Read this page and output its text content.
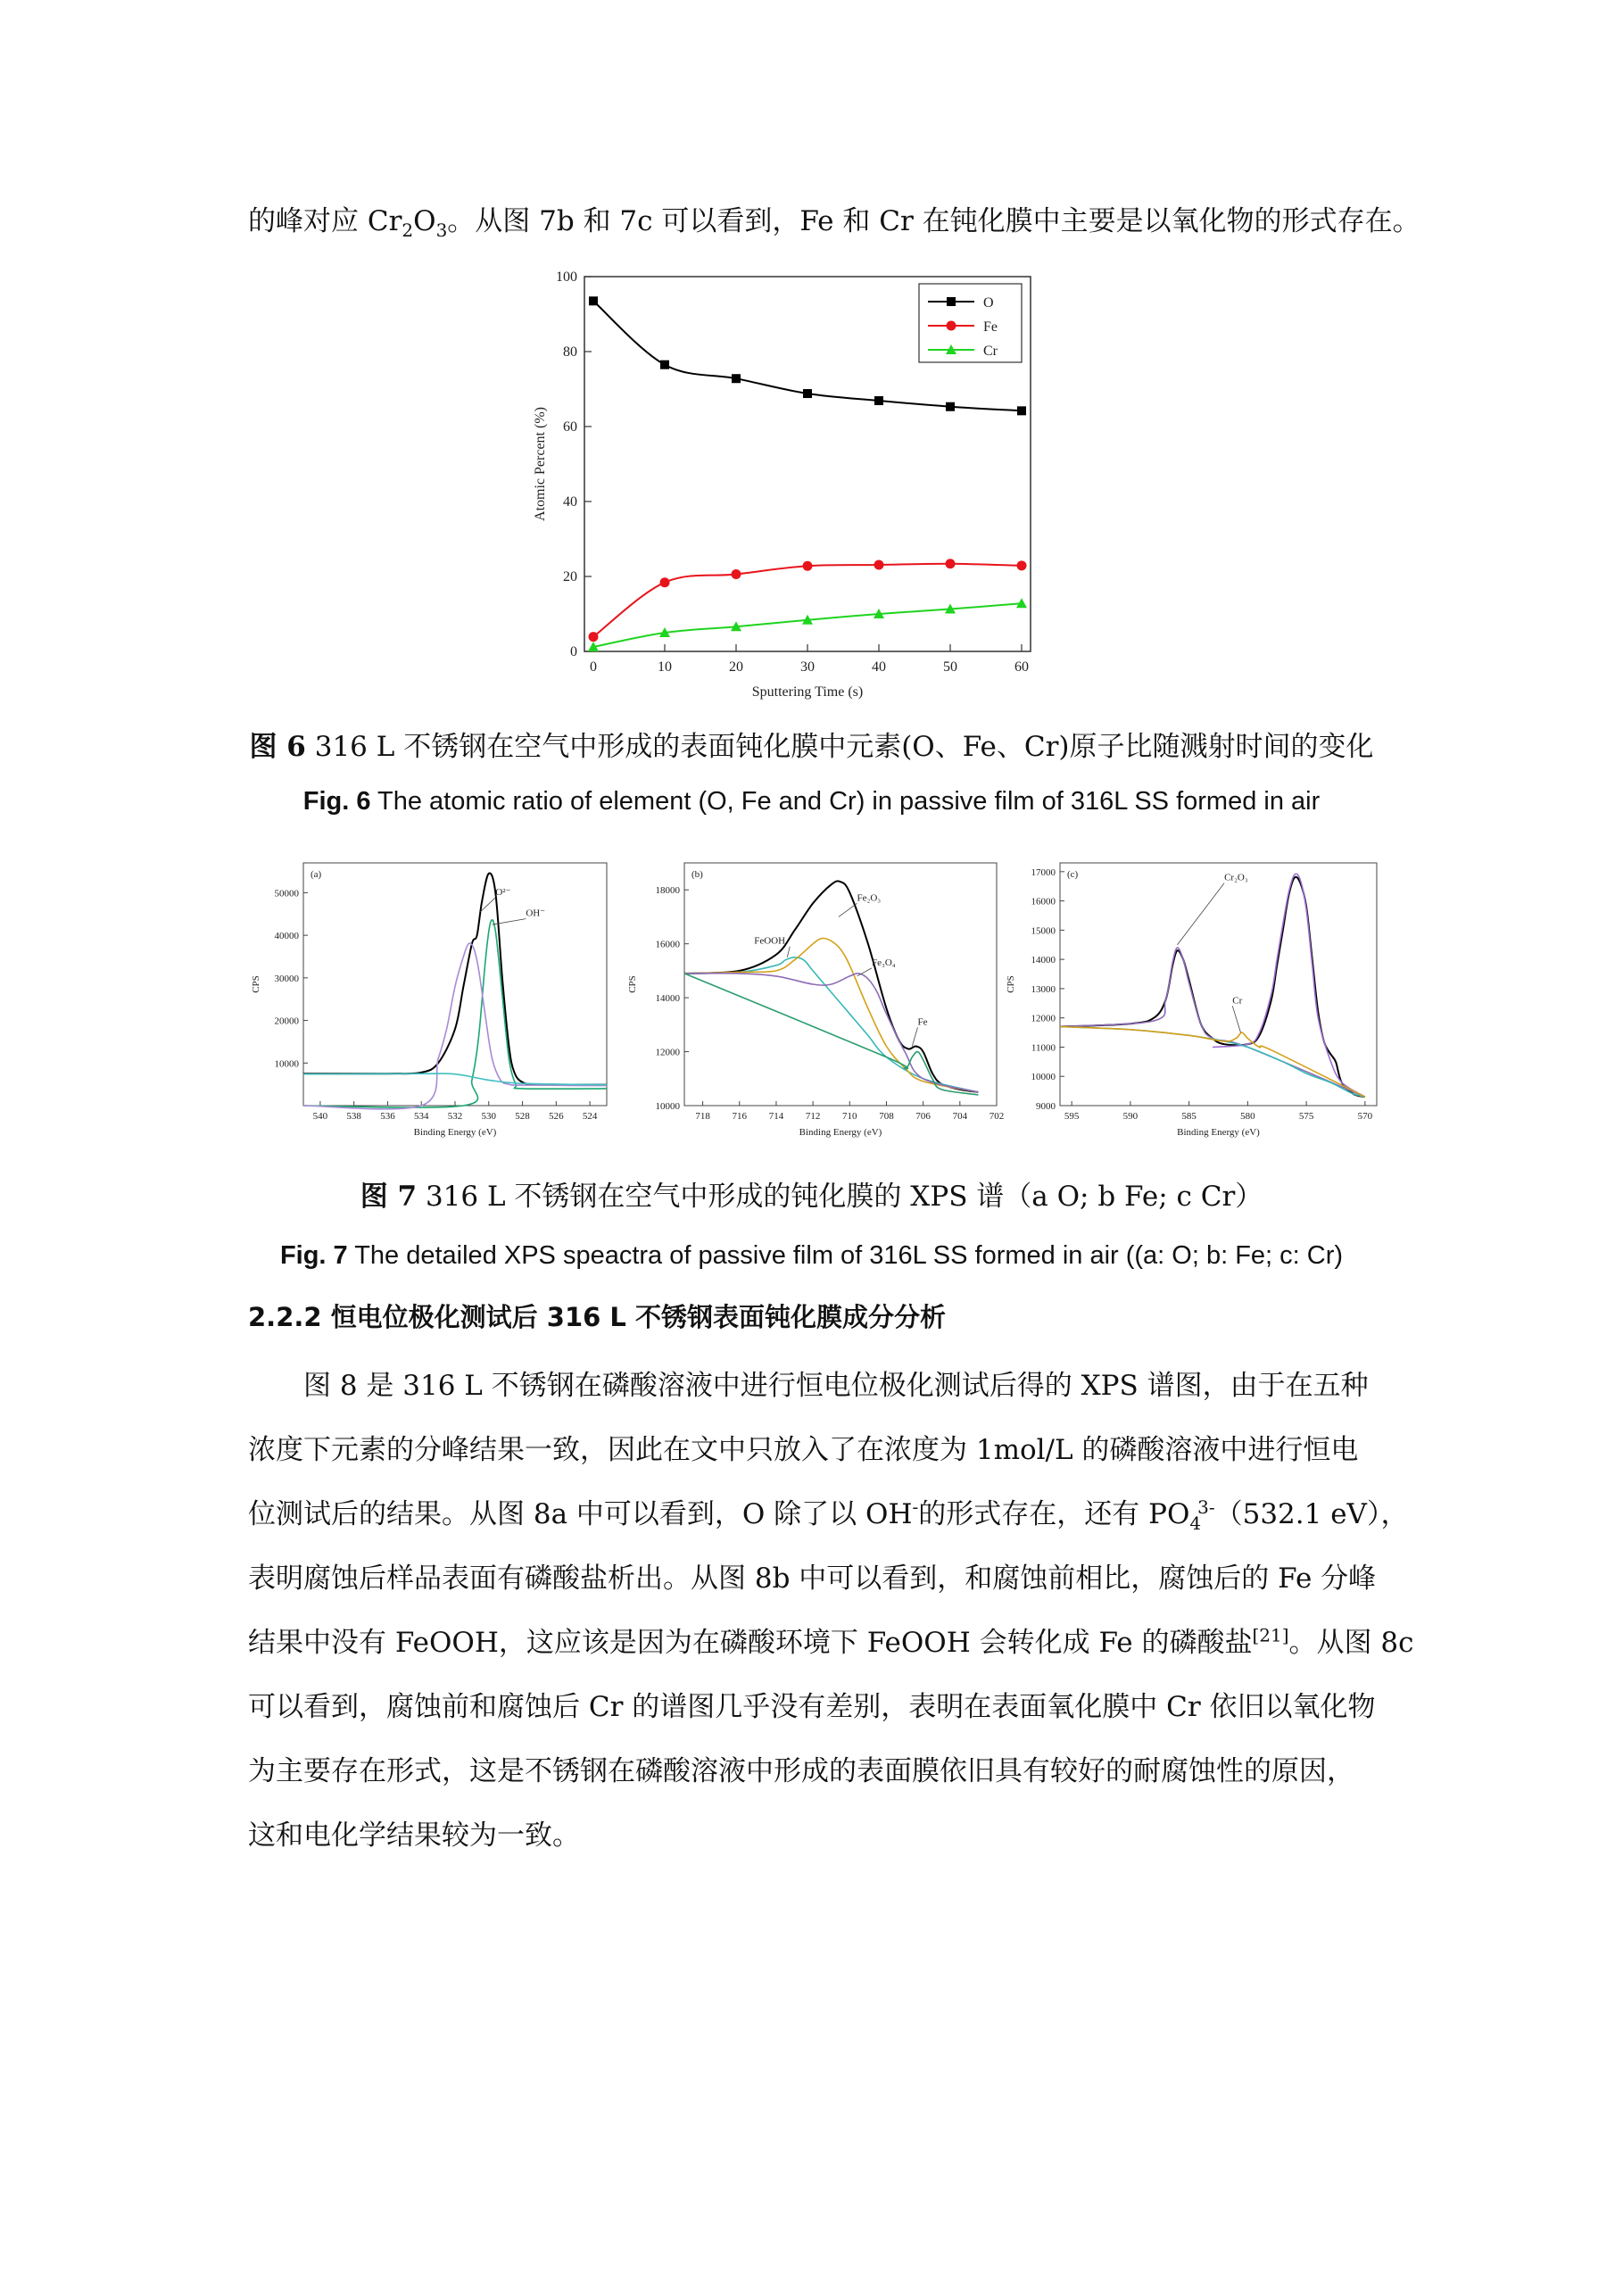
的峰对应 $Cr_2O_3$。从图 7b 和 7c 可以看到，Fe 和 Cr 在钝化膜中主要是以氧化物的形式存在。
0
20
40
60
80
100
0	10	20	30	40	50	60
Sputtering Time (s)
Atomic Percent (%)
O
Fe
Cr
图 6 316 L 不锈钢在空气中形成的表面钝化膜中元素(O、Fe、Cr)原子比随溅射时间的变化
Fig. 6 The atomic ratio of element (O, Fe and Cr) in passive film of 316L SS formed in air
10000
20000
30000
40000
50000
540 538 536 534 532 530 528 526 524
Binding Energy (eV)
CPS
(a)
O²⁻
OH⁻
10000
12000
14000
16000
18000
718 716 714 712 710 708 706 704 702
Binding Energy (eV)
CPS
(b)
FeOOH
Fe₂O₃
Fe₃O₄
Fe
9000
10000
11000
12000
13000
14000
15000
16000
17000
595	590	585	580	575	570
Binding Energy (eV)
CPS
(c)	Cr₂O₃
Cr
图 7 316 L 不锈钢在空气中形成的钝化膜的 XPS 谱（a O; b Fe; c Cr）
Fig. 7 The detailed XPS speactra of passive film of 316L SS formed in air ((a: O; b: Fe; c: Cr)
2.2.2 恒电位极化测试后 316 L 不锈钢表面钝化膜成分分析
图 8 是 316 L 不锈钢在磷酸溶液中进行恒电位极化测试后得的 XPS 谱图，由于在五种
浓度下元素的分峰结果一致，因此在文中只放入了在浓度为 1mol/L 的磷酸溶液中进行恒电
位测试后的结果。从图 8a 中可以看到，O 除了以 OH-的形式存在，还有 $PO_4^{3-}(532.1$ eV），
表明腐蚀后样品表面有磷酸盐析出。从图 8b 中可以看到，和腐蚀前相比，腐蚀后的 Fe 分峰
结果中没有 FeOOH，这应该是因为在磷酸环境下 FeOOH 会转化成 Fe 的磷酸盐[21]。从图 8c
可以看到，腐蚀前和腐蚀后 Cr 的谱图几乎没有差别，表明在表面氧化膜中 Cr 依旧以氧化物
为主要存在形式，这是不锈钢在磷酸溶液中形成的表面膜依旧具有较好的耐腐蚀性的原因，
这和电化学结果较为一致。
